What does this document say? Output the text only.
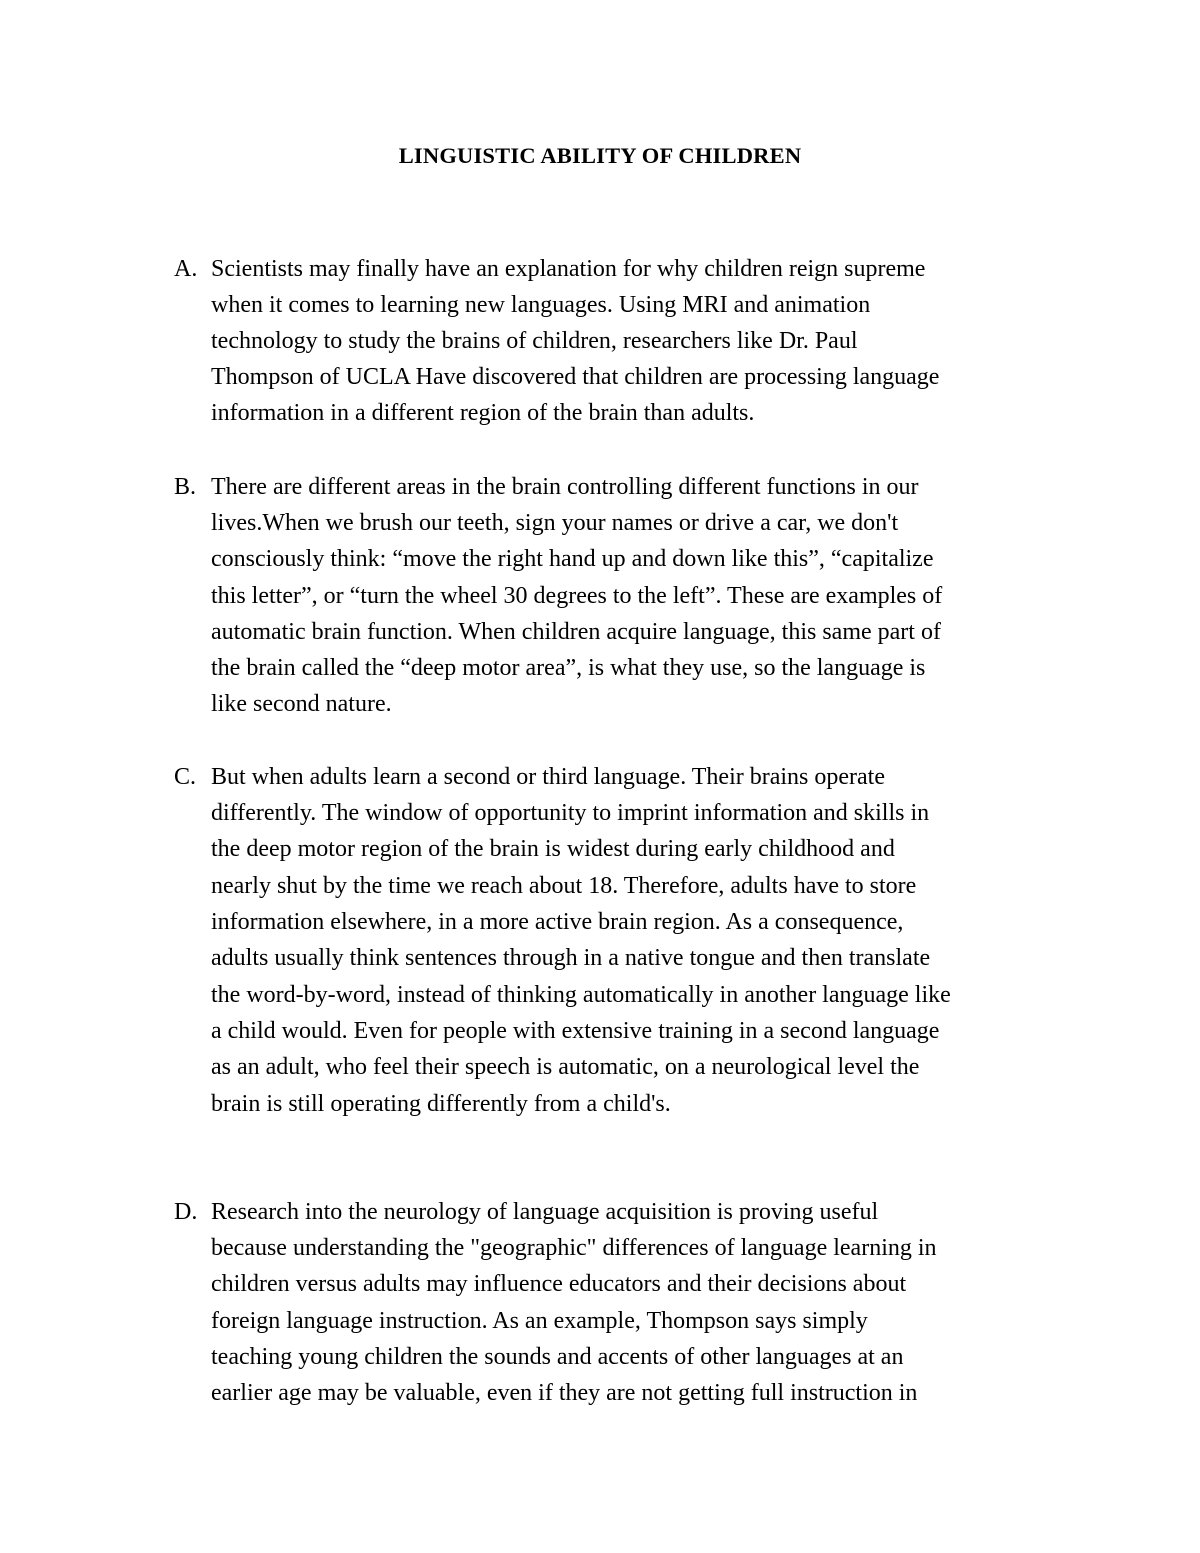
LINGUISTIC ABILITY OF CHILDREN
A. Scientists may finally have an explanation for why children reign supreme
when it comes to learning new languages. Using MRI and animation
technology to study the brains of children, researchers like Dr. Paul
Thompson of UCLA Have discovered that children are processing language
information in a different region of the brain than adults.
B. There are different areas in the brain controlling different functions in our
lives.When we brush our teeth, sign your names or drive a car, we don't
consciously think: “move the right hand up and down like this”, “capitalize
this letter”, or “turn the wheel 30 degrees to the left”. These are examples of
automatic brain function. When children acquire language, this same part of
the brain called the “deep motor area”, is what they use, so the language is
like second nature.
C. But when adults learn a second or third language. Their brains operate
differently. The window of opportunity to imprint information and skills in
the deep motor region of the brain is widest during early childhood and
nearly shut by the time we reach about 18. Therefore, adults have to store
information elsewhere, in a more active brain region. As a consequence,
adults usually think sentences through in a native tongue and then translate
the word-by-word, instead of thinking automatically in another language like
a child would. Even for people with extensive training in a second language
as an adult, who feel their speech is automatic, on a neurological level the
brain is still operating differently from a child's.
D. Research into the neurology of language acquisition is proving useful
because understanding the "geographic" differences of language learning in
children versus adults may influence educators and their decisions about
foreign language instruction. As an example, Thompson says simply
teaching young children the sounds and accents of other languages at an
earlier age may be valuable, even if they are not getting full instruction in
